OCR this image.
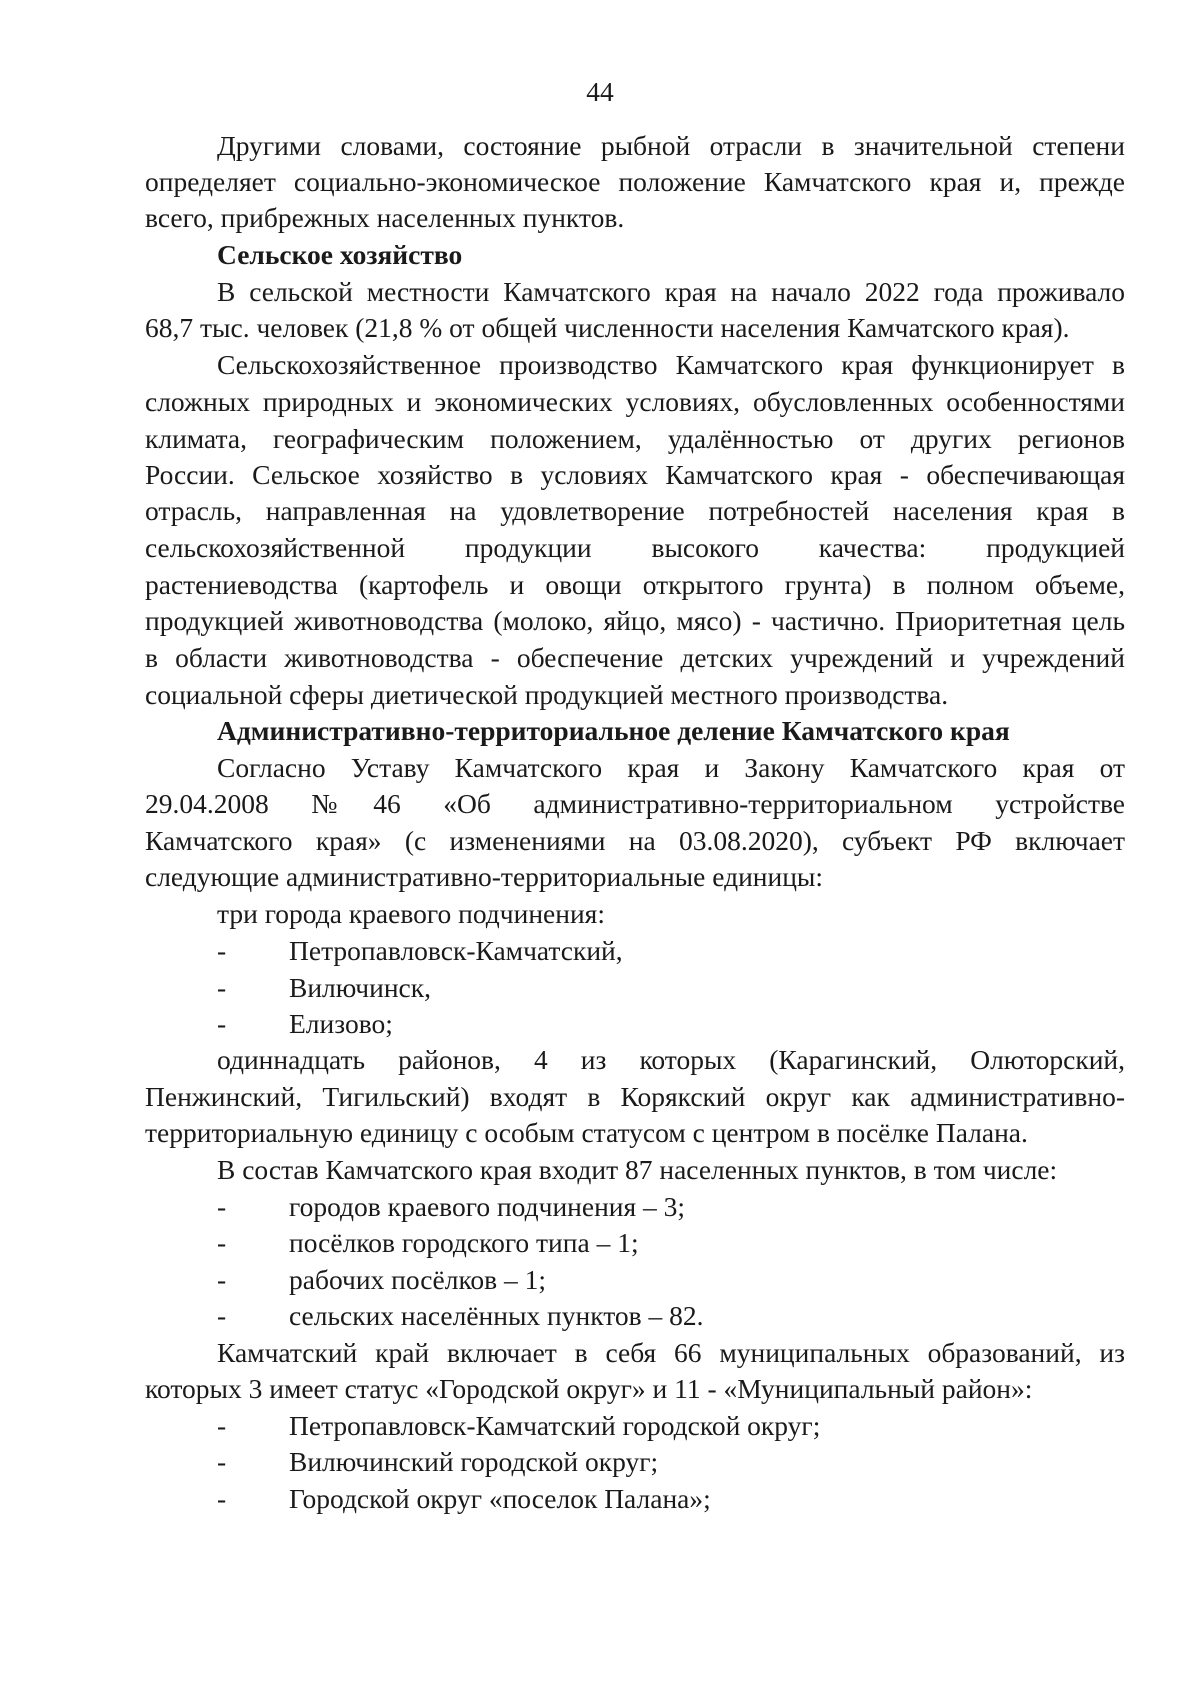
44
Другими словами, состояние рыбной отрасли в значительной степени
определяет социально-экономическое положение Камчатского края и, прежде
всего, прибрежных населенных пунктов.
Сельское хозяйство
В сельской местности Камчатского края на начало 2022 года проживало
68,7 тыс. человек (21,8 % от общей численности населения Камчатского края).
Сельскохозяйственное производство Камчатского края функционирует в
сложных природных и экономических условиях, обусловленных особенностями
климата, географическим положением, удалённостью от других регионов
России. Сельское хозяйство в условиях Камчатского края - обеспечивающая
отрасль, направленная на удовлетворение потребностей населения края в
сельскохозяйственной продукции высокого качества: продукцией
растениеводства (картофель и овощи открытого грунта) в полном объеме,
продукцией животноводства (молоко, яйцо, мясо) - частично. Приоритетная цель
в области животноводства - обеспечение детских учреждений и учреждений
социальной сферы диетической продукцией местного производства.
Административно-территориальное деление Камчатского края
Согласно Уставу Камчатского края и Закону Камчатского края от
29.04.2008 №46 «Об административно-территориальном устройстве
Камчатского края» (с изменениями на 03.08.2020), субъект РФ включает
следующие административно-территориальные единицы:
три города краевого подчинения:
- Петропавловск-Камчатский,
- Вилючинск,
- Елизово;
одиннадцать районов, 4 из которых (Карагинский, Олюторский,
Пенжинский, Тигильский) входят в Корякский округ как административно-
территориальную единицу с особым статусом с центром в посёлке Палана.
В состав Камчатского края входит 87 населенных пунктов, в том числе:
- городов краевого подчинения – 3;
- посёлков городского типа – 1;
- рабочих посёлков – 1;
- сельских населённых пунктов – 82.
Камчатский край включает в себя 66 муниципальных образований, из
которых 3 имеет статус «Городской округ» и 11 - «Муниципальный район»:
- Петропавловск-Камчатский городской округ;
- Вилючинский городской округ;
- Городской округ «поселок Палана»;
